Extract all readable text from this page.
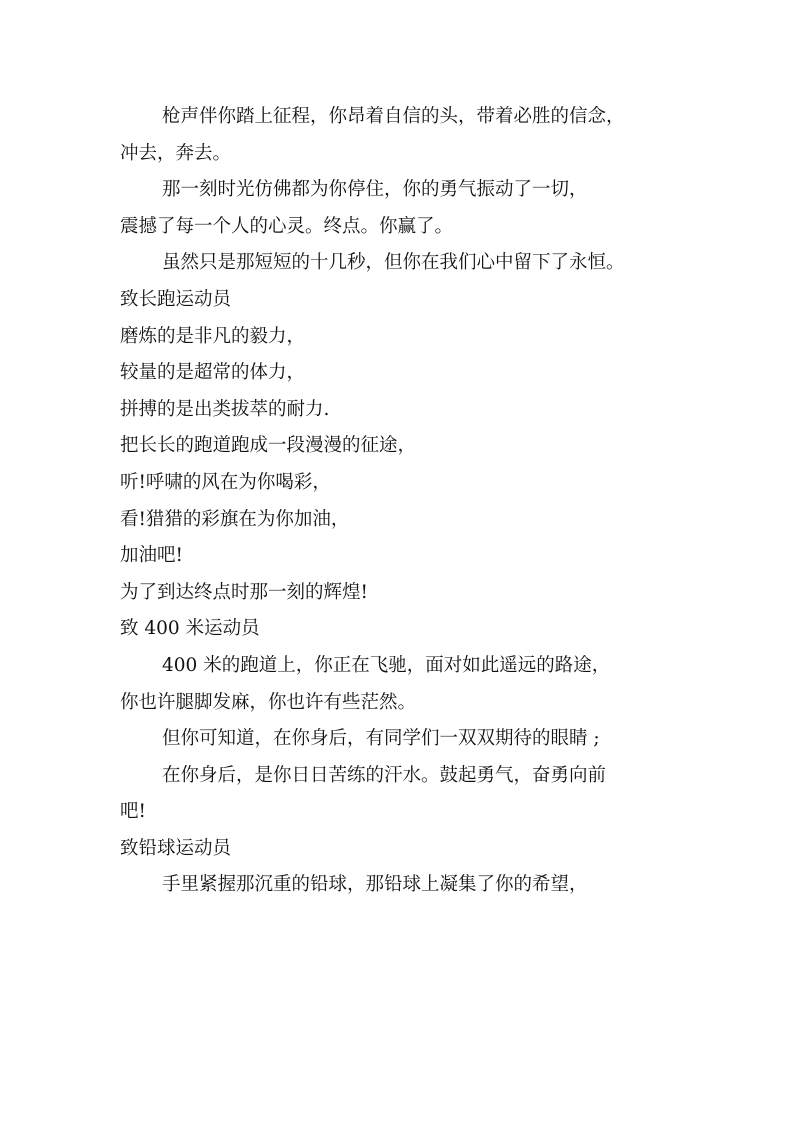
枪声伴你踏上征程，你昂着自信的头，带着必胜的信念，

冲去，奔去。

那一刻时光仿佛都为你停住，你的勇气振动了一切，

震撼了每一个人的心灵。终点。你赢了。

虽然只是那短短的十几秒，但你在我们心中留下了永恒。

致长跑运动员

磨炼的是非凡的毅力，

较量的是超常的体力，

拼搏的是出类拔萃的耐力.

把长长的跑道跑成一段漫漫的征途，

听!呼啸的风在为你喝彩，

看!猎猎的彩旗在为你加油，

加油吧!

为了到达终点时那一刻的辉煌!

致 400 米运动员

400 米的跑道上，你正在飞驰，面对如此遥远的路途，

你也许腿脚发麻，你也许有些茫然。

但你可知道，在你身后，有同学们一双双期待的眼睛 ;

在你身后，是你日日苦练的汗水。鼓起勇气，奋勇向前

吧!

致铅球运动员

手里紧握那沉重的铅球，那铅球上凝集了你的希望，
